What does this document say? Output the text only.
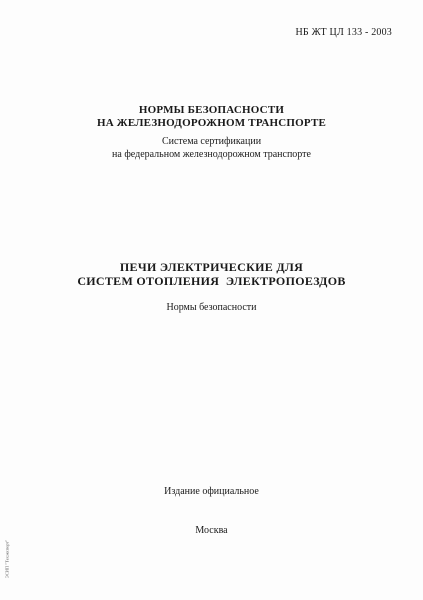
НБ ЖТ ЦЛ 133 - 2003
НОРМЫ БЕЗОПАСНОСТИ
НА ЖЕЛЕЗНОДОРОЖНОМ ТРАНСПОРТЕ
Система сертификации
на федеральном железнодорожном транспорте
ПЕЧИ ЭЛЕКТРИЧЕСКИЕ ДЛЯ
СИСТЕМ ОТОПЛЕНИЯ  ЭЛЕКТРОПОЕЗДОВ
Нормы безопасности
Издание официальное
Москва
ЭСИП "Техэксперт"
